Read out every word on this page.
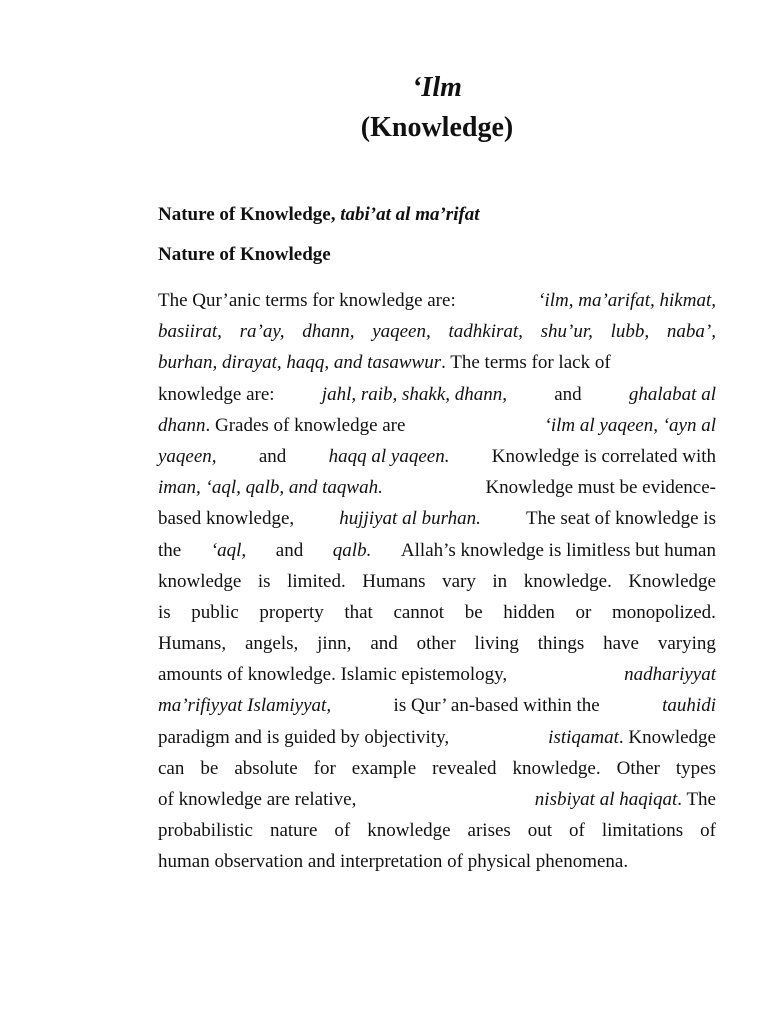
‘Ilm
(Knowledge)
Nature of Knowledge, tabi’at al ma’rifat
Nature of Knowledge
The Qur’anic terms for knowledge are:	‘ilm, ma’arifat, hikmat,
basiirat, ra’ay, dhann, yaqeen, tadhkirat, shu’ur, lubb, naba’,
burhan, dirayat, haqq, and tasawwur. The terms for lack of
knowledge are: jahl, raib, shakk, dhann, and ghalabat al
dhann. Grades of knowledge are	‘ilm al yaqeen, ‘ayn al
yaqeen, and haqq al yaqeen. Knowledge is correlated with
iman, ‘aql, qalb, and taqwah.	Knowledge must be evidence-
based knowledge, hujjiyat al burhan. The seat of knowledge is
the ‘aql, and qalb. Allah’s knowledge is limitless but human
knowledge is limited. Humans vary in knowledge. Knowledge
is public property that cannot be hidden or monopolized.
Humans, angels, jinn, and other living things have varying
amounts of knowledge. Islamic epistemology,	nadhariyyat
ma’rifiyyat Islamiyyat,	is Qur’ an-based within the	tauhidi
paradigm and is guided by objectivity,	istiqamat. Knowledge
can be absolute for example revealed knowledge. Other types
of knowledge are relative,	nisbiyat al haqiqat. The
probabilistic nature of knowledge arises out of limitations of
human observation and interpretation of physical phenomena.
